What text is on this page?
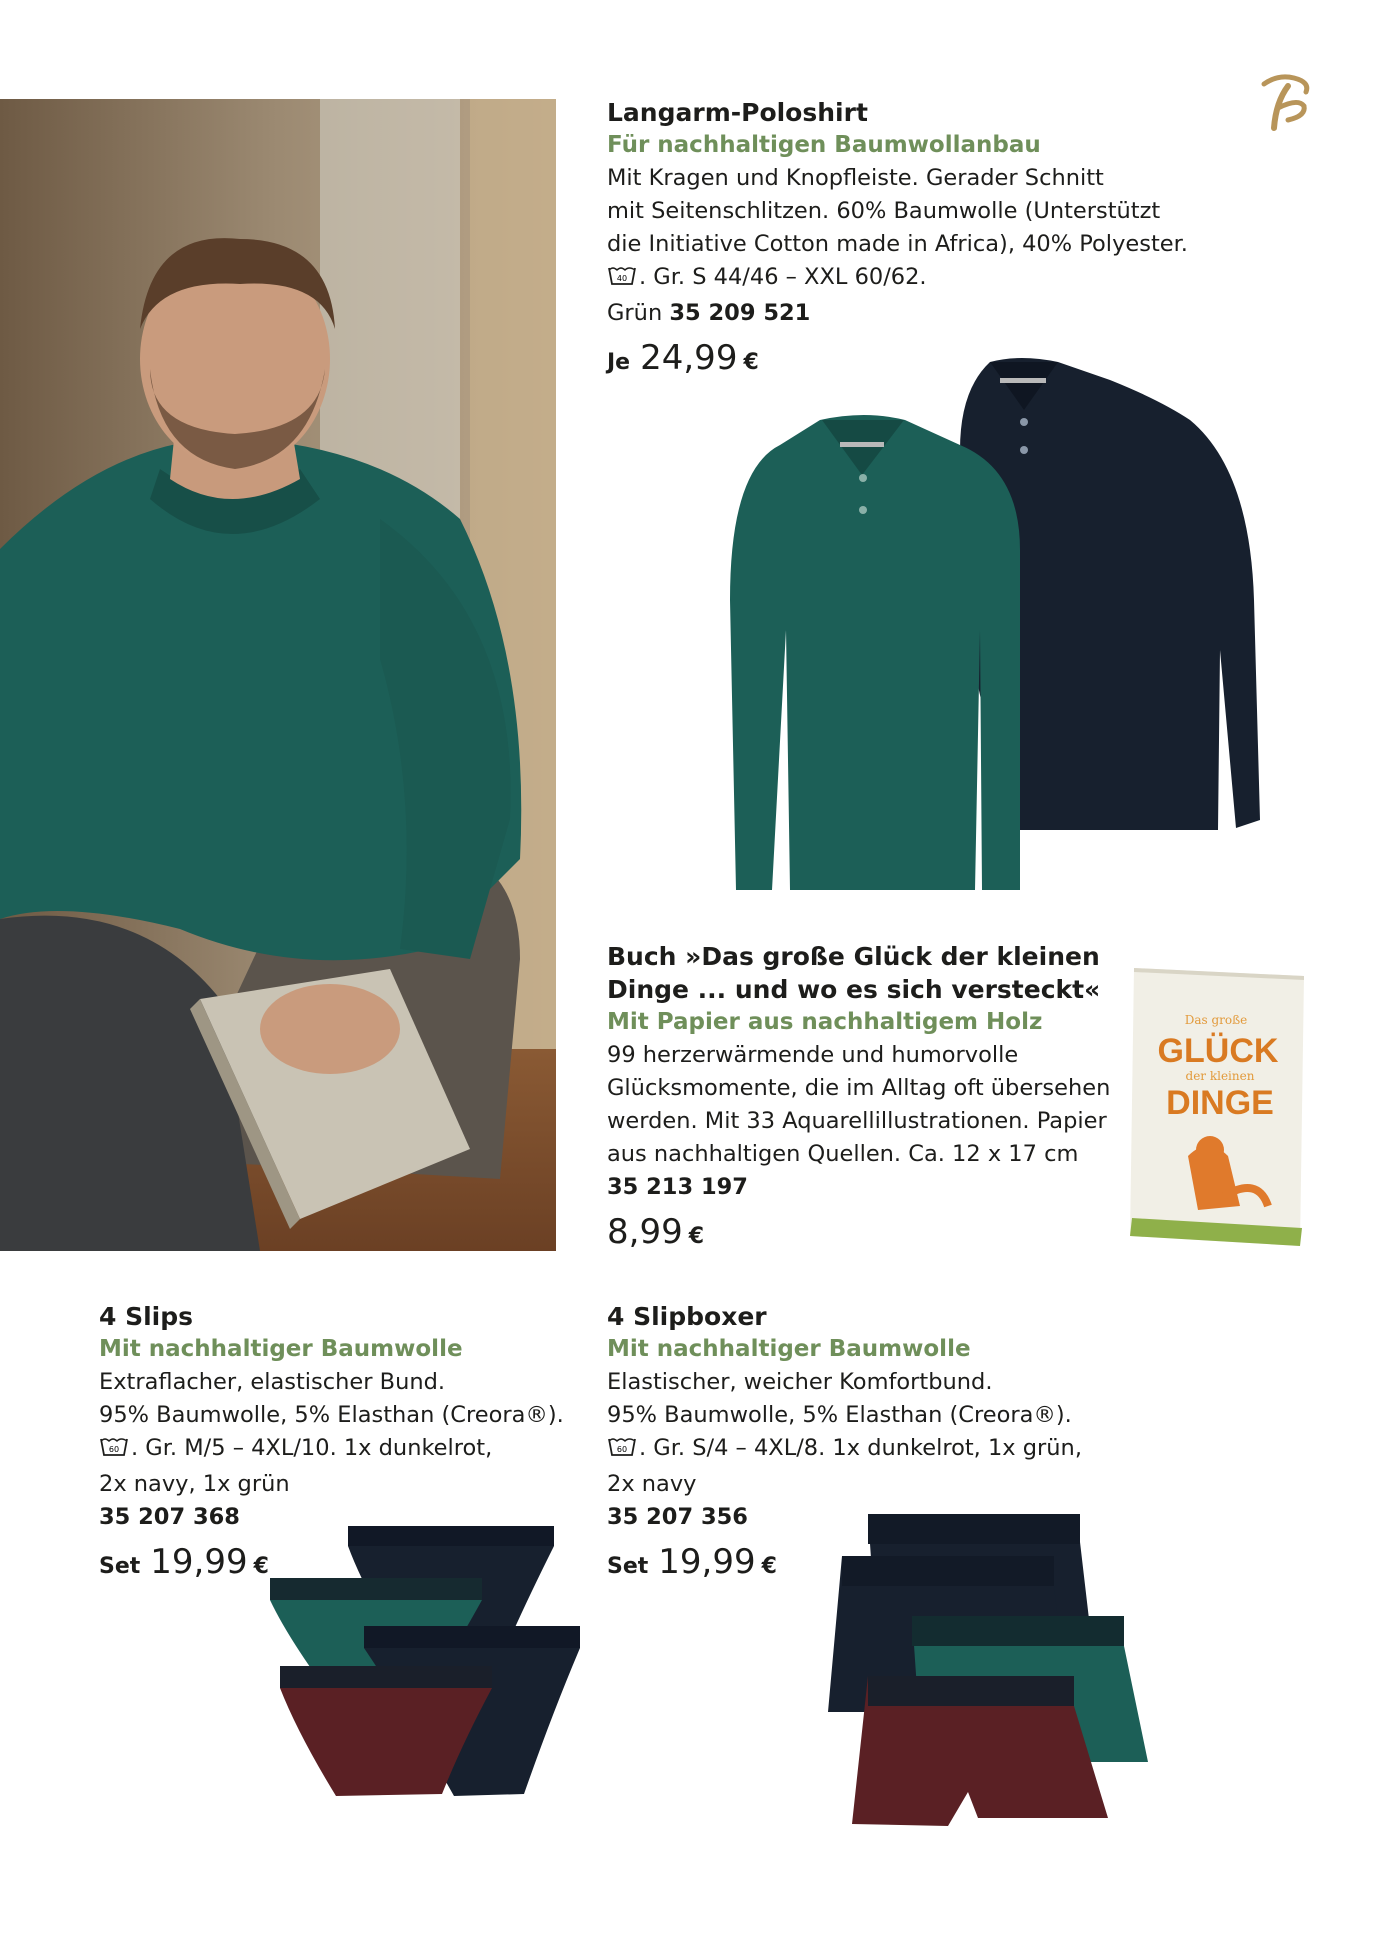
Langarm-Poloshirt
Für nachhaltigen Baumwollanbau
Mit Kragen und Knopfleiste. Gerader Schnitt
mit Seitenschlitzen. 60% Baumwolle (Unterstützt
die Initiative Cotton made in Africa), 40% Polyester.
40 . Gr. S 44/46 – XXL 60/62.
Grün 35 209 521
Je 24,99 €
Buch »Das große Glück der kleinen
Dinge ... und wo es sich versteckt«
Mit Papier aus nachhaltigem Holz
99 herzerwärmende und humorvolle
Glücksmomente, die im Alltag oft übersehen
werden. Mit 33 Aquarellillustrationen. Papier
aus nachhaltigen Quellen. Ca. 12 x 17 cm
35 213 197
8,99 €
Das große
GLÜCK
der kleinen
DINGE
4 Slips
Mit nachhaltiger Baumwolle
Extraflacher, elastischer Bund.
95% Baumwolle, 5% Elasthan (Creora®).
60 . Gr. M/5 – 4XL/10. 1x dunkelrot,
2x navy, 1x grün
35 207 368
Set 19,99 €
4 Slipboxer
Mit nachhaltiger Baumwolle
Elastischer, weicher Komfortbund.
95% Baumwolle, 5% Elasthan (Creora®).
60 . Gr. S/4 – 4XL/8. 1x dunkelrot, 1x grün,
2x navy
35 207 356
Set 19,99 €
